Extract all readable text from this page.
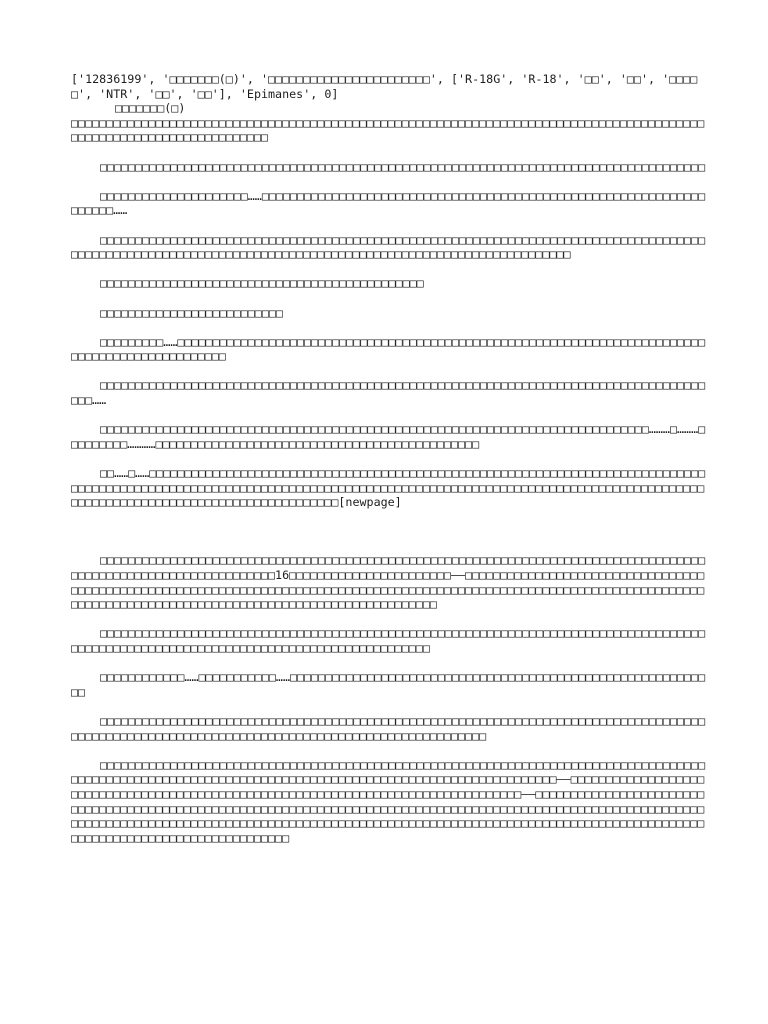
['12836199', '□□□□□□□(□)', '□□□□□□□□□□□□□□□□□□□□□□□', ['R-18G', 'R-18', '□□', '□□', '□□□□□', 'NTR', '□□', '□□'], 'Epimanes', 0]

□□□□□□□(□)

□□□□□□□□□□□□□□□□□□□□□□□□□□□□□□□□□□□□□□□□□□□□□□□□□□□□□□□□□□□□□□□□□□□□□□□□□□□□□□□□□□□□□□□□□□□□□□□□□□□□□□□□□□□□□□□□□□□□□□

□□□□□□□□□□□□□□□□□□□□□□□□□□□□□□□□□□□□□□□□□□□□□□□□□□□□□□□□□□□□□□□□□□□□□□□□□□□□□□□□□□□□□□

□□□□□□□□□□□□□□□□□□□□□……□□□□□□□□□□□□□□□□□□□□□□□□□□□□□□□□□□□□□□□□□□□□□□□□□□□□□□□□□□□□□□□□□□□□□……

□□□□□□□□□□□□□□□□□□□□□□□□□□□□□□□□□□□□□□□□□□□□□□□□□□□□□□□□□□□□□□□□□□□□□□□□□□□□□□□□□□□□□□□□□□□□□□□□□□□□□□□□□□□□□□□□□□□□□□□□□□□□□□□□□□□□□□□□□□□□□□□□□□□□□□□□□□□□□

□□□□□□□□□□□□□□□□□□□□□□□□□□□□□□□□□□□□□□□□□□□□□□

□□□□□□□□□□□□□□□□□□□□□□□□□□

□□□□□□□□□……□□□□□□□□□□□□□□□□□□□□□□□□□□□□□□□□□□□□□□□□□□□□□□□□□□□□□□□□□□□□□□□□□□□□□□□□□□□□□□□□□□□□□□□□□□□□□□□□□

□□□□□□□□□□□□□□□□□□□□□□□□□□□□□□□□□□□□□□□□□□□□□□□□□□□□□□□□□□□□□□□□□□□□□□□□□□□□□□□□□□□□□□□□□……

□□□□□□□□□□□□□□□□□□□□□□□□□□□□□□□□□□□□□□□□□□□□□□□□□□□□□□□□□□□□□□□□□□□□□□□□□□□□□□………□………□□□□□□□□□…………□□□□□□□□□□□□□□□□□□□□□□□□□□□□□□□□□□□□□□□□□□□□□□

□□……□……□□□□□□□□□□□□□□□□□□□□□□□□□□□□□□□□□□□□□□□□□□□□□□□□□□□□□□□□□□□□□□□□□□□□□□□□□□□□□□□□□□□□□□□□□□□□□□□□□□□□□□□□□□□□□□□□□□□□□□□□□□□□□□□□□□□□□□□□□□□□□□□□□□□□□□□□□□□□□□□□□□□□□□□□□□□□□□□□□□□□□□□□□□□□□□□□□□□□□□□□□□□□□□□[newpage]

□□□□□□□□□□□□□□□□□□□□□□□□□□□□□□□□□□□□□□□□□□□□□□□□□□□□□□□□□□□□□□□□□□□□□□□□□□□□□□□□□□□□□□□□□□□□□□□□□□□□□□□□□□□□□□□□□□□16□□□□□□□□□□□□□□□□□□□□□□□——□□□□□□□□□□□□□□□□□□□□□□□□□□□□□□□□□□□□□□□□□□□□□□□□□□□□□□□□□□□□□□□□□□□□□□□□□□□□□□□□□□□□□□□□□□□□□□□□□□□□□□□□□□□□□□□□□□□□□□□□□□□□□□□□□□□□□□□□□□□□□□□□□□□□□□□□□□□□□□□□□□□□□□□□□□□□□□□□

□□□□□□□□□□□□□□□□□□□□□□□□□□□□□□□□□□□□□□□□□□□□□□□□□□□□□□□□□□□□□□□□□□□□□□□□□□□□□□□□□□□□□□□□□□□□□□□□□□□□□□□□□□□□□□□□□□□□□□□□□□□□□□□□□□□□□□□□□

□□□□□□□□□□□□……□□□□□□□□□□□……□□□□□□□□□□□□□□□□□□□□□□□□□□□□□□□□□□□□□□□□□□□□□□□□□□□□□□□□□□□□□

□□□□□□□□□□□□□□□□□□□□□□□□□□□□□□□□□□□□□□□□□□□□□□□□□□□□□□□□□□□□□□□□□□□□□□□□□□□□□□□□□□□□□□□□□□□□□□□□□□□□□□□□□□□□□□□□□□□□□□□□□□□□□□□□□□□□□□□□□□□□□□□□□

□□□□□□□□□□□□□□□□□□□□□□□□□□□□□□□□□□□□□□□□□□□□□□□□□□□□□□□□□□□□□□□□□□□□□□□□□□□□□□□□□□□□□□□□□□□□□□□□□□□□□□□□□□□□□□□□□□□□□□□□□□□□□□□□□□□□□□□□□□□□□□□□□□□□□□□□□□□——□□□□□□□□□□□□□□□□□□□□□□□□□□□□□□□□□□□□□□□□□□□□□□□□□□□□□□□□□□□□□□□□□□□□□□□□□□□□□□□□□□□——□□□□□□□□□□□□□□□□□□□□□□□□□□□□□□□□□□□□□□□□□□□□□□□□□□□□□□□□□□□□□□□□□□□□□□□□□□□□□□□□□□□□□□□□□□□□□□□□□□□□□□□□□□□□□□□□□□□□□□□□□□□□□□□□□□□□□□□□□□□□□□□□□□□□□□□□□□□□□□□□□□□□□□□□□□□□□□□□□□□□□□□□□□□□□□□□□□□□□□□□□□□□□□□□□□□□□□□□□□□□□□□□□□□□□□□□□□□
